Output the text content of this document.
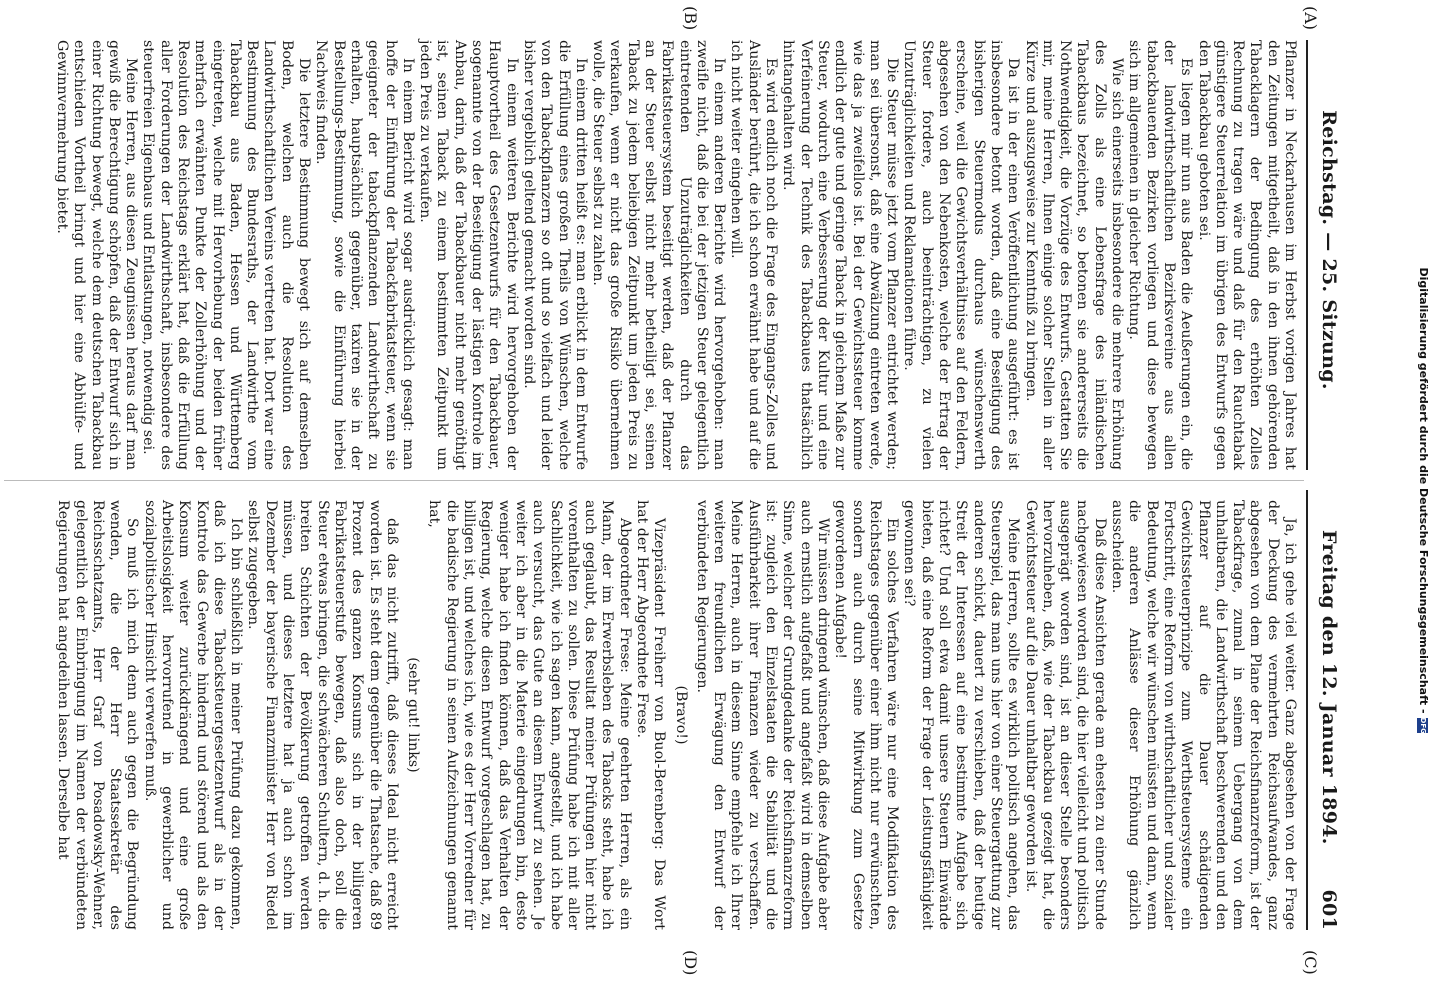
Reichstag. — 25. Sitzung.
Freitag den 12. Januar 1894.
601
(A)
(B)
(C)
(D)

Pflanzer in Neckarhausen im Herbst vorigen Jahres hat den Zeitungen mitgetheilt, daß in den ihnen gehörenden Tabacklagern der Bedingung des erhöhten Zolles Rechnung zu tragen wäre und daß für den Rauchtabak günstigere Steuerrelation im übrigen des Entwurfs gegen den Tabackbau geboten sei.

Es liegen mir nun aus Baden die Aeußerungen ein, die der landwirthschaftlichen Bezirksvereine aus allen tabackbauenden Bezirken vorliegen und diese bewegen sich im allgemeinen in gleicher Richtung.

Wie sich einerseits insbesondere die mehrere Erhöhung des Zolls als eine Lebensfrage des inländischen Tabackbaus bezeichnet, so betonen sie andererseits die Nothwendigkeit, die Vorzüge des Entwurfs. Gestatten Sie mir, meine Herren, Ihnen einige solcher Stellen in aller Kürze und auszugsweise zur Kenntniß zu bringen.

Da ist in der einen Veröffentlichung ausgeführt: es ist insbesondere betont worden, daß eine Beseitigung des bisherigen Steuermodus durchaus wünschenswerth erscheine, weil die Gewichtsverhältnisse auf den Feldern, abgesehen von den Nebenkosten, welche der Ertrag der Steuer fordere, auch beeinträchtigen, zu vielen Unzuträglichkeiten und Reklamationen führe.

Die Steuer müsse jetzt vom Pflanzer entrichtet werden; man sei übersonst, daß eine Abwälzung eintreten werde, wie das ja zweifellos ist. Bei der Gewichtssteuer komme endlich der gute und geringe Taback in gleichem Maße zur Steuer, wodurch eine Verbesserung der Kultur und eine Verfeinerung der Technik des Tabackbaues thatsächlich hintangehalten wird.

Es wird endlich noch die Frage des Eingangs-Zolles und Ausländer berührt, die ich schon erwähnt habe und auf die ich nicht weiter eingehen will.

In einem anderen Berichte wird hervorgehoben: man zweifle nicht, daß die bei der jetzigen Steuer gelegentlich eintretenden Unzuträglichkeiten durch das Fabrikatsteuersystem beseitigt werden, daß der Pflanzer an der Steuer selbst nicht mehr betheiligt sei, seinen Taback zu jedem beliebigen Zeitpunkt um jeden Preis zu verkaufen, wenn er nicht das große Risiko übernehmen wolle, die Steuer selbst zu zahlen.

In einem dritten heißt es: man erblickt in dem Entwurfe die Erfüllung eines großen Theils von Wünschen, welche von den Tabackpflanzern so oft und so vielfach und leider bisher vergeblich geltend gemacht worden sind.

In einem weiteren Berichte wird hervorgehoben der Hauptvortheil des Gesetzentwurfs für den Tabackbauer, sogenannte von der Beseitigung der lästigen Kontrole im Anbau, darin, daß der Tabackbauer nicht mehr genöthigt ist, seinen Taback zu einem bestimmten Zeitpunkt um jeden Preis zu verkaufen.

In einem Bericht wird sogar ausdrücklich gesagt: man hoffe der Einführung der Tabackfabrikatsteuer, wenn sie geeigneter der tabackpflanzenden Landwirthschaft zu erhalten, hauptsächlich gegenüber, taxiren sie in der Bestellungs-Bestimmung, sowie die Einführung hierbei Nachweis finden.

Die letztere Bestimmung bewegt sich auf demselben Boden, welchen auch die Resolution des Landwirthschaftlichen Vereins vertreten hat. Dort war eine Bestimmung des Bundesraths, der Landwirthe vom Tabackbau aus Baden, Hessen und Württemberg eingetreten, welche mit Hervorhebung der beiden früher mehrfach erwähnten Punkte der Zollerhöhung und der Resolution des Reichstags erklärt hat, daß die Erfüllung aller Forderungen der Landwirthschaft, insbesondere des steuerfreien Eigenbaus und Entlastungen, notwendig sei.

Meine Herren, aus diesen Zeugnissen heraus darf man gewiß die Berechtigung schöpfen, daß der Entwurf sich in einer Richtung bewegt, welche dem deutschen Tabackbau entschieden Vortheil bringt und hier eine Abhülfe- und Gewinnvermehrung bietet.

Ja, ich gehe viel weiter. Ganz abgesehen von der Frage der Deckung des vermehrten Reichsaufwandes, ganz abgesehen von dem Plane der Reichsfinanzreform, ist der Tabackfrage, zumal in seinem Uebergang von dem unhaltbaren, die Landwirthschaft beschwerenden und den Pflanzer auf die Dauer schädigenden Gewichtssteuerprinzipe zum Werthsteuersysteme ein Fortschritt, eine Reform von wirthschaftlicher und sozialer Bedeutung, welche wir wünschen müssten und dann, wenn die anderen Anlässe dieser Erhöhung gänzlich ausscheiden.

Daß diese Ansichten gerade am ehesten zu einer Stunde nachgewiesen worden sind, die hier vielleicht und politisch ausgeprägt worden sind, ist an dieser Stelle besonders hervorzuheben, daß, wie der Tabackbau gezeigt hat, die Gewichtssteuer auf die Dauer unhaltbar geworden ist.

Meine Herren, sollte es wirklich politisch angehen, das Steuerspiel, das man uns hier von einer Steuergattung zur anderen schickt, dauert zu verschieben, daß der heutige Streit der Interessen auf eine bestimmte Aufgabe sich richtet? Und soll etwa damit unsere Steuern Einwände bieten, daß eine Reform der Frage der Leistungsfähigkeit gewonnen sei?

Ein solches Verfahren wäre nur eine Modifikation des Reichstages gegenüber einer ihm nicht nur erwünschten, sondern auch durch seine Mitwirkung zum Gesetze gewordenen Aufgabe!

Wir müssen dringend wünschen, daß diese Aufgabe aber auch ernstlich aufgefaßt und angefaßt wird in demselben Sinne, welcher der Grundgedanke der Reichsfinanzreform ist: zugleich den Einzelstaaten die Stabilität und die Ausführbarkeit ihrer Finanzen wieder zu verschaffen. Meine Herren, auch in diesem Sinne empfehle ich Ihrer weiteren freundlichen Erwägung den Entwurf der verbündeten Regierungen.

(Bravo!)

Vizepräsident Freiherr von Buol-Berenberg: Das Wort hat der Herr Abgeordnete Frese.

Abgeordneter Frese: Meine geehrten Herren, als ein Mann, der im Erwerbsleben des Tabacks steht, habe ich auch geglaubt, das Resultat meiner Prüfungen hier nicht vorenthalten zu sollen. Diese Prüfung habe ich mit aller Sachlichkeit, wie ich sagen kann, angestellt, und ich habe auch versucht, das Gute an diesem Entwurf zu sehen. Je weiter ich aber in die Materie eingedrungen bin, desto weniger habe ich finden können, daß das Verhalten der Regierung, welche diesen Entwurf vorgeschlagen hat, zu billigen ist, und welches ich, wie es der Herr Vorredner für die badische Regierung in seinen Aufzeichnungen genannt hat,

(sehr gut! links)

daß das nicht zutrifft, daß dieses Ideal nicht erreicht worden ist. Es steht dem gegenüber die Thatsache, daß 89 Prozent des ganzen Konsums sich in der billigeren Fabrikatsteuerstufe bewegen, daß also doch, soll die Steuer etwas bringen, die schwächeren Schultern, d. h. die breiten Schichten der Bevölkerung getroffen werden müssen, und dieses letztere hat ja auch schon im Dezember der bayerische Finanzminister Herr von Riedel selbst zugegeben.

Ich bin schließlich in meiner Prüfung dazu gekommen, daß ich diese Tabacksteuergesetzentwurf als in der Kontrole das Gewerbe hindernd und störend und als den Konsum weiter zurückdrängend und eine große Arbeitslosigkeit hervorrufend in gewerblicher und sozialpolitischer Hinsicht verwerfen muß.

So muß ich mich denn auch gegen die Begründung wenden, die der Herr Staatssekretär des Reichsschatzamts, Herr Graf von Posadowsky-Wehner, gelegentlich der Einbringung im Namen der verbündeten Regierungen hat angedeihen lassen. Derselbe hat	Digitalisierung gefördert durch die Deutsche Forschungsgemeinschaft -DFG
